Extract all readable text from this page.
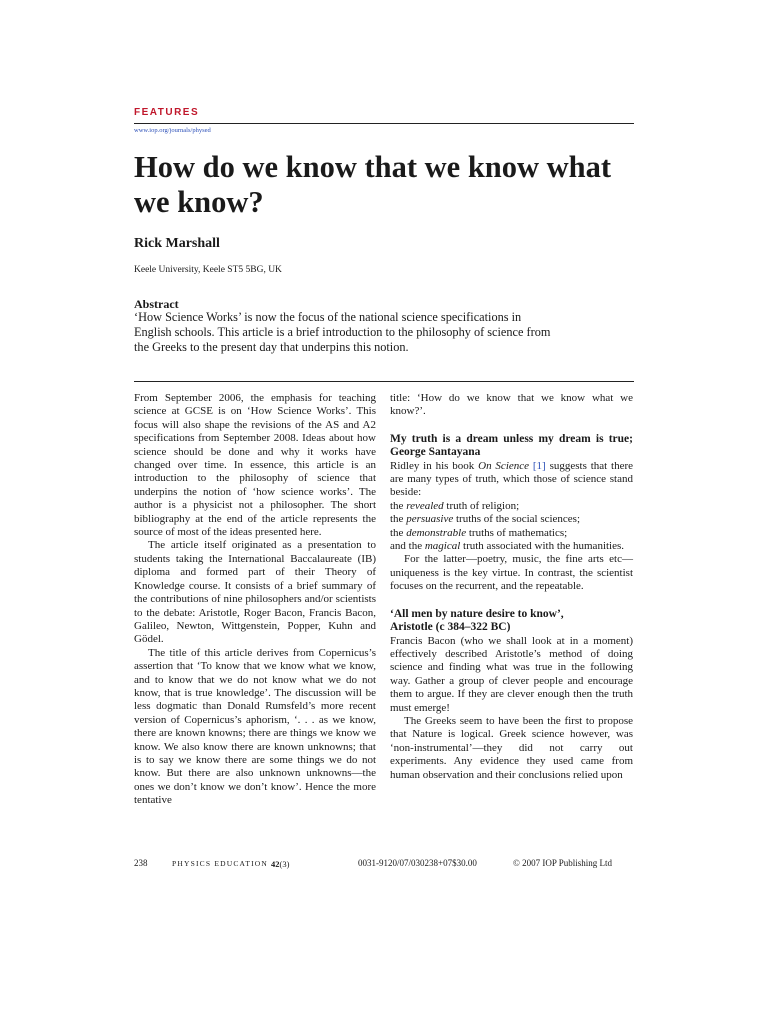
FEATURES
www.iop.org/journals/physed
How do we know that we know what we know?
Rick Marshall
Keele University, Keele ST5 5BG, UK
Abstract
‘How Science Works’ is now the focus of the national science specifications in English schools. This article is a brief introduction to the philosophy of science from the Greeks to the present day that underpins this notion.

From September 2006, the emphasis for teaching science at GCSE is on ‘How Science Works’. This focus will also shape the revisions of the AS and A2 specifications from September 2008. Ideas about how science should be done and why it works have changed over time. In essence, this article is an introduction to the philosophy of science that underpins the notion of ‘how science works’. The author is a physicist not a philosopher. The short bibliography at the end of the article represents the source of most of the ideas presented here.

The article itself originated as a presentation to students taking the International Baccalaureate (IB) diploma and formed part of their Theory of Knowledge course. It consists of a brief summary of the contributions of nine philosophers and/or scientists to the debate: Aristotle, Roger Bacon, Francis Bacon, Galileo, Newton, Wittgenstein, Popper, Kuhn and Gödel.

The title of this article derives from Copernicus’s assertion that ‘To know that we know what we know, and to know that we do not know what we do not know, that is true knowledge’. The discussion will be less dogmatic than Donald Rumsfeld’s more recent version of Copernicus’s aphorism, ‘. . . as we know, there are known knowns; there are things we know we know. We also know there are known unknowns; that is to say we know there are some things we do not know. But there are also unknown unknowns—the ones we don’t know we don’t know’. Hence the more tentative

title: ‘How do we know that we know what we know?’.

My truth is a dream unless my dream is true; George Santayana

Ridley in his book On Science [1] suggests that there are many types of truth, which those of science stand beside:

the revealed truth of religion;

the persuasive truths of the social sciences;

the demonstrable truths of mathematics;

and the magical truth associated with the humanities.

For the latter—poetry, music, the fine arts etc—uniqueness is the key virtue. In contrast, the scientist focuses on the recurrent, and the repeatable.

‘All men by nature desire to know’,

Aristotle (c 384–322 BC)

Francis Bacon (who we shall look at in a moment) effectively described Aristotle’s method of doing science and finding what was true in the following way. Gather a group of clever people and encourage them to argue. If they are clever enough then the truth must emerge!

The Greeks seem to have been the first to propose that Nature is logical. Greek science however, was ‘non-instrumental’—they did not carry out experiments. Any evidence they used came from human observation and their conclusions relied upon

238	PHYSICS EDUCATION 42(3)	0031-9120/07/030238+07$30.00	© 2007 IOP Publishing Ltd
